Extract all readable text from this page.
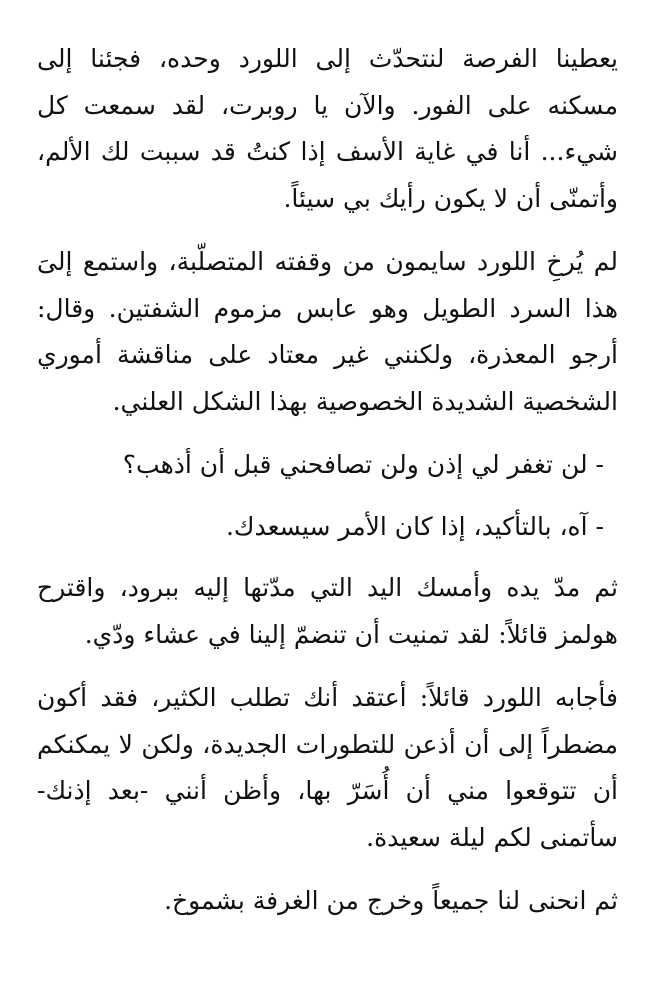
يعطينا الفرصة لنتحدّث إلى اللورد وحده، فجئنا إلى مسكنه على الفور. والآن يا روبرت، لقد سمعت كل شيء... أنا في غاية الأسف إذا كنتُ قد سببت لك الألم، وأتمنّى أن لا يكون رأيك بي سيئاً.

لم يُرخِ اللورد سايمون من وقفته المتصلّبة، واستمع إلىَ هذا السرد الطويل وهو عابس مزموم الشفتين. وقال: أرجو المعذرة، ولكنني غير معتاد على مناقشة أموري الشخصية الشديدة الخصوصية بهذا الشكل العلني.

- لن تغفر لي إذن ولن تصافحني قبل أن أذهب؟

- آه، بالتأكيد، إذا كان الأمر سيسعدك.

ثم مدّ يده وأمسك اليد التي مدّتها إليه ببرود، واقترح هولمز قائلاً: لقد تمنيت أن تنضمّ إلينا في عشاء ودّي.

فأجابه اللورد قائلاً: أعتقد أنك تطلب الكثير، فقد أكون مضطراً إلى أن أذعن للتطورات الجديدة، ولكن لا يمكنكم أن تتوقعوا مني أن أُسَرّ بها، وأظن أنني -بعد إذنك- سأتمنى لكم ليلة سعيدة.

ثم انحنى لنا جميعاً وخرج من الغرفة بشموخ.
